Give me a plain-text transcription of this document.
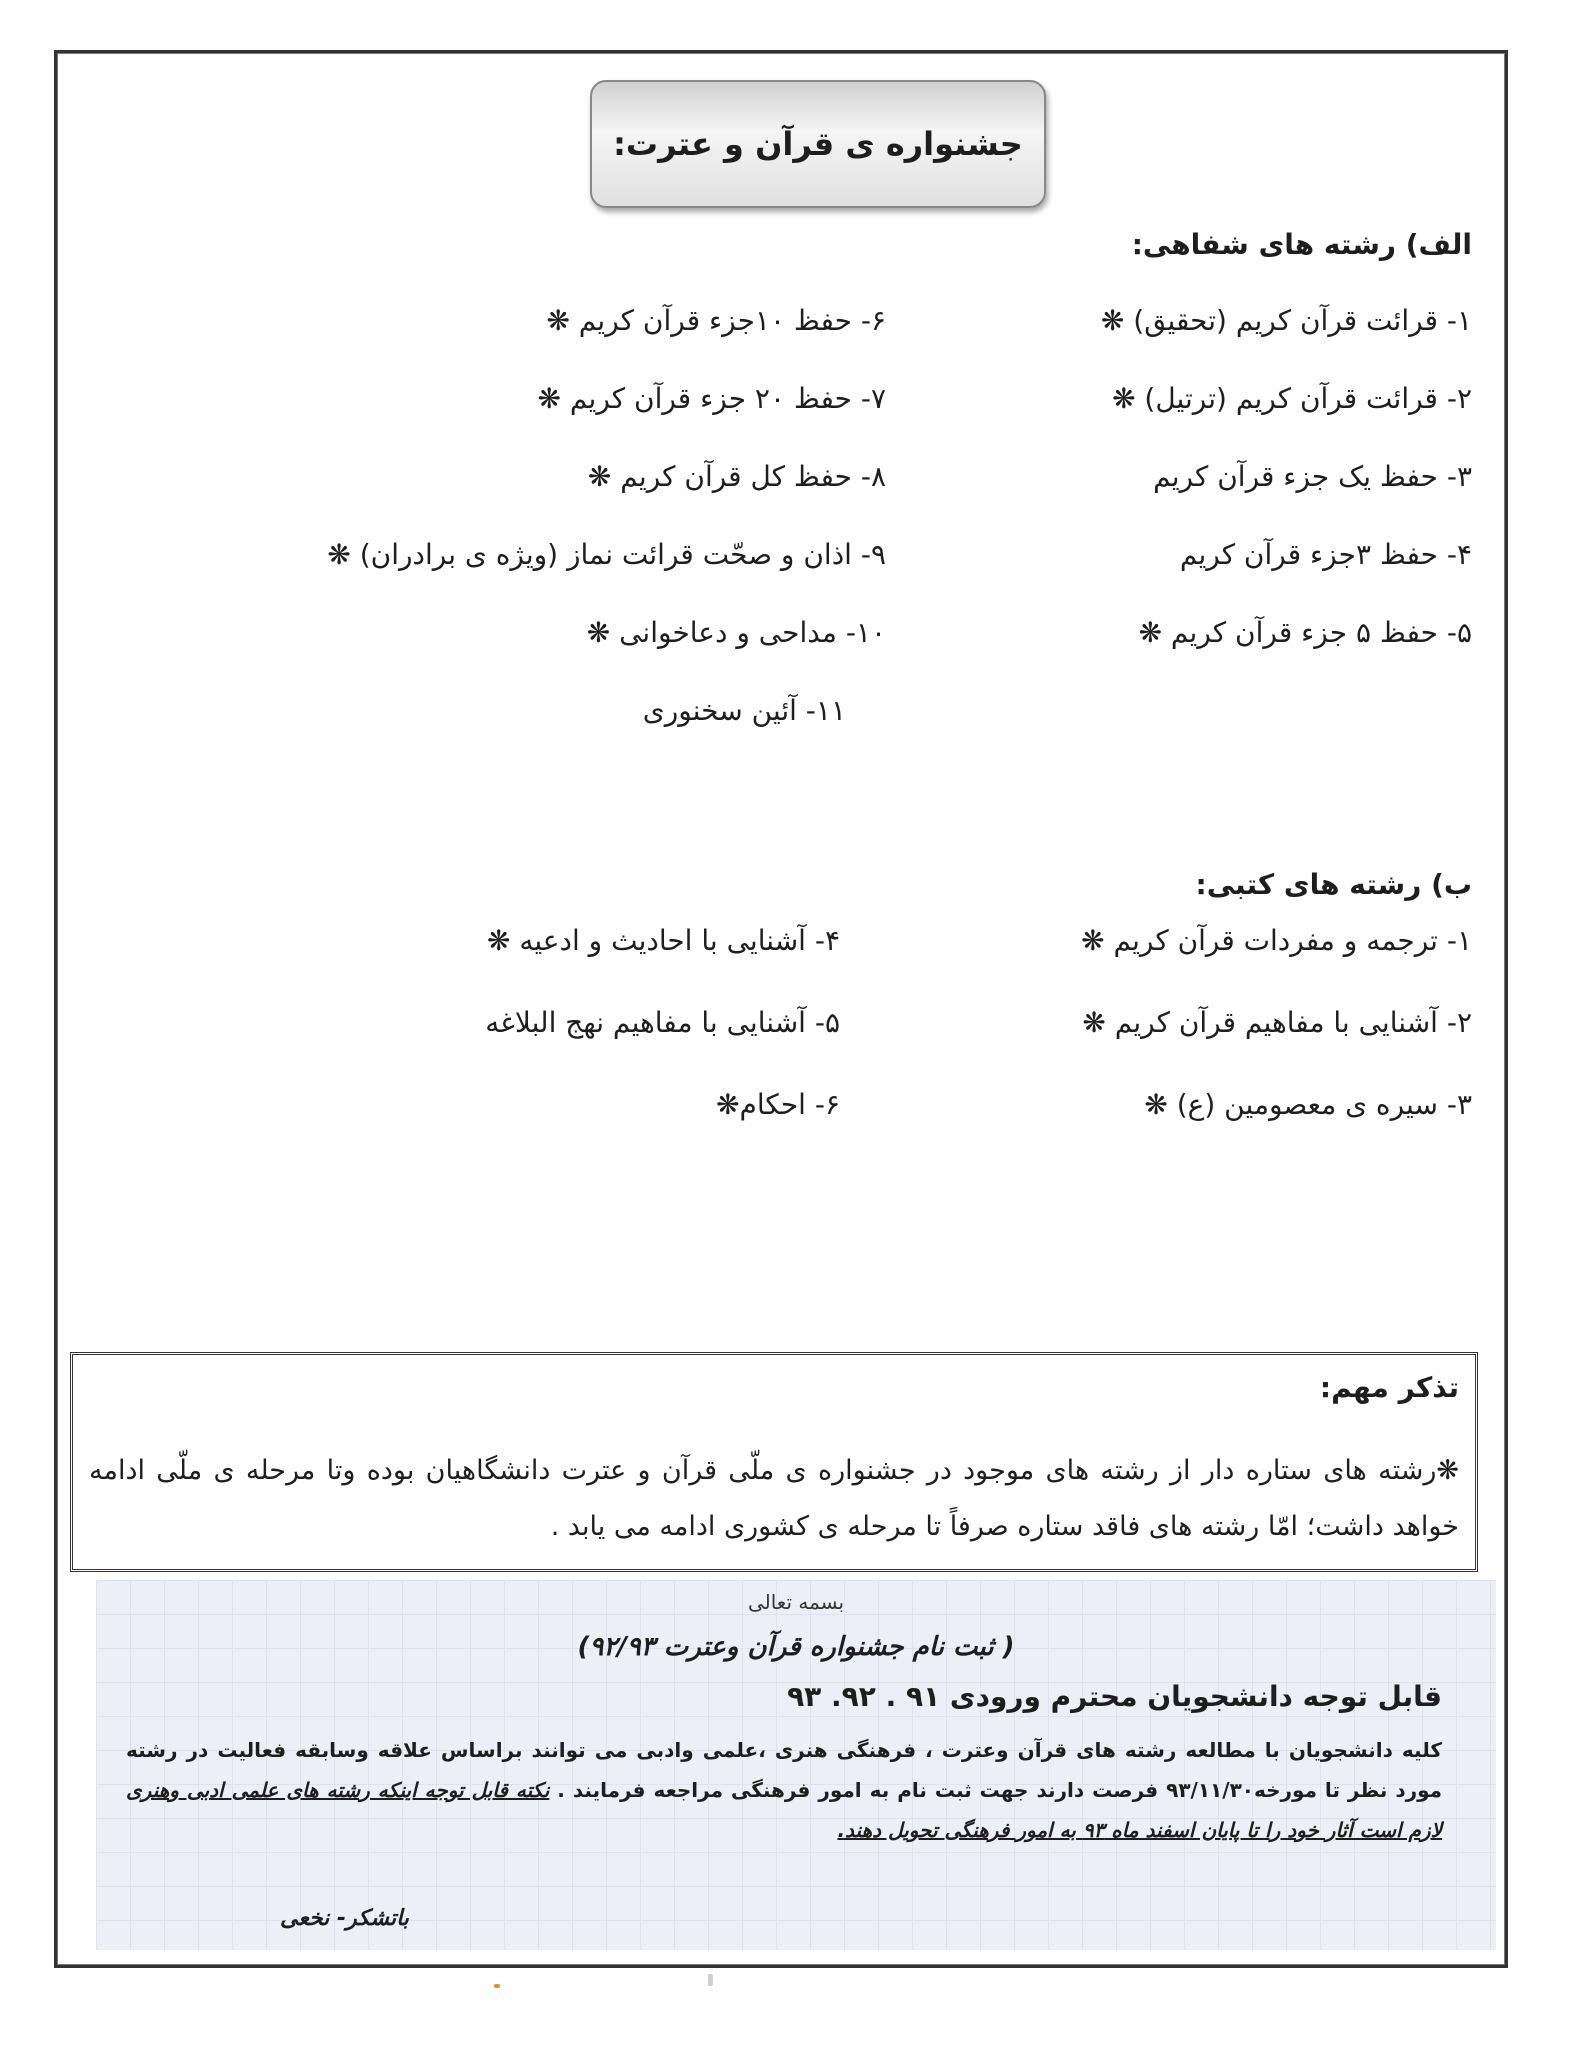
جشنواره ی قرآن و عترت:
الف) رشته های شفاهی:
۱- قرائت قرآن کریم (تحقیق) ❋
۲- قرائت قرآن کریم (ترتیل) ❋
۳- حفظ یک جزء قرآن کریم
۴- حفظ ۳جزء قرآن کریم
۵- حفظ ۵ جزء قرآن کریم ❋
۶- حفظ ۱۰جزء قرآن کریم ❋
۷- حفظ ۲۰ جزء قرآن کریم ❋
۸- حفظ کل قرآن کریم ❋
۹- اذان و صحّت قرائت نماز (ویژه ی برادران) ❋
۱۰- مداحی و دعاخوانی ❋
۱۱- آئین سخنوری
ب) رشته های کتبی:
۱- ترجمه و مفردات قرآن کریم ❋
۲- آشنایی با مفاهیم قرآن کریم ❋
۳- سیره ی معصومین (ع) ❋
۴- آشنایی با احادیث و ادعیه ❋
۵- آشنایی با مفاهیم نهج البلاغه
۶- احکام❋
تذکر مهم:
❋رشته های ستاره دار از رشته های موجود در جشنواره ی ملّی قرآن و عترت دانشگاهیان بوده وتا مرحله ی ملّی ادامه خواهد داشت؛ امّا رشته های فاقد ستاره صرفاً تا مرحله ی کشوری ادامه می یابد .
بسمه تعالی
( ثبت نام جشنواره قرآن وعترت ۹۲/۹۳)
قابل توجه دانشجویان محترم ورودی ۹۱ . ۹۲. ۹۳
کلیه دانشجویان با مطالعه رشته های قرآن وعترت ، فرهنگی هنری ،علمی وادبی می توانند براساس علاقه وسابقه فعالیت در رشته مورد نظر تا مورخه۹۳/۱۱/۳۰ فرصت دارند جهت ثبت نام به امور فرهنگی مراجعه فرمایند . نکته قابل توجه اینکه رشته های علمی ادبی وهنری لازم است آثار خود را تا پایان اسفند ماه ۹۳ به امور فرهنگی تحویل دهند.
باتشکر- نخعی
